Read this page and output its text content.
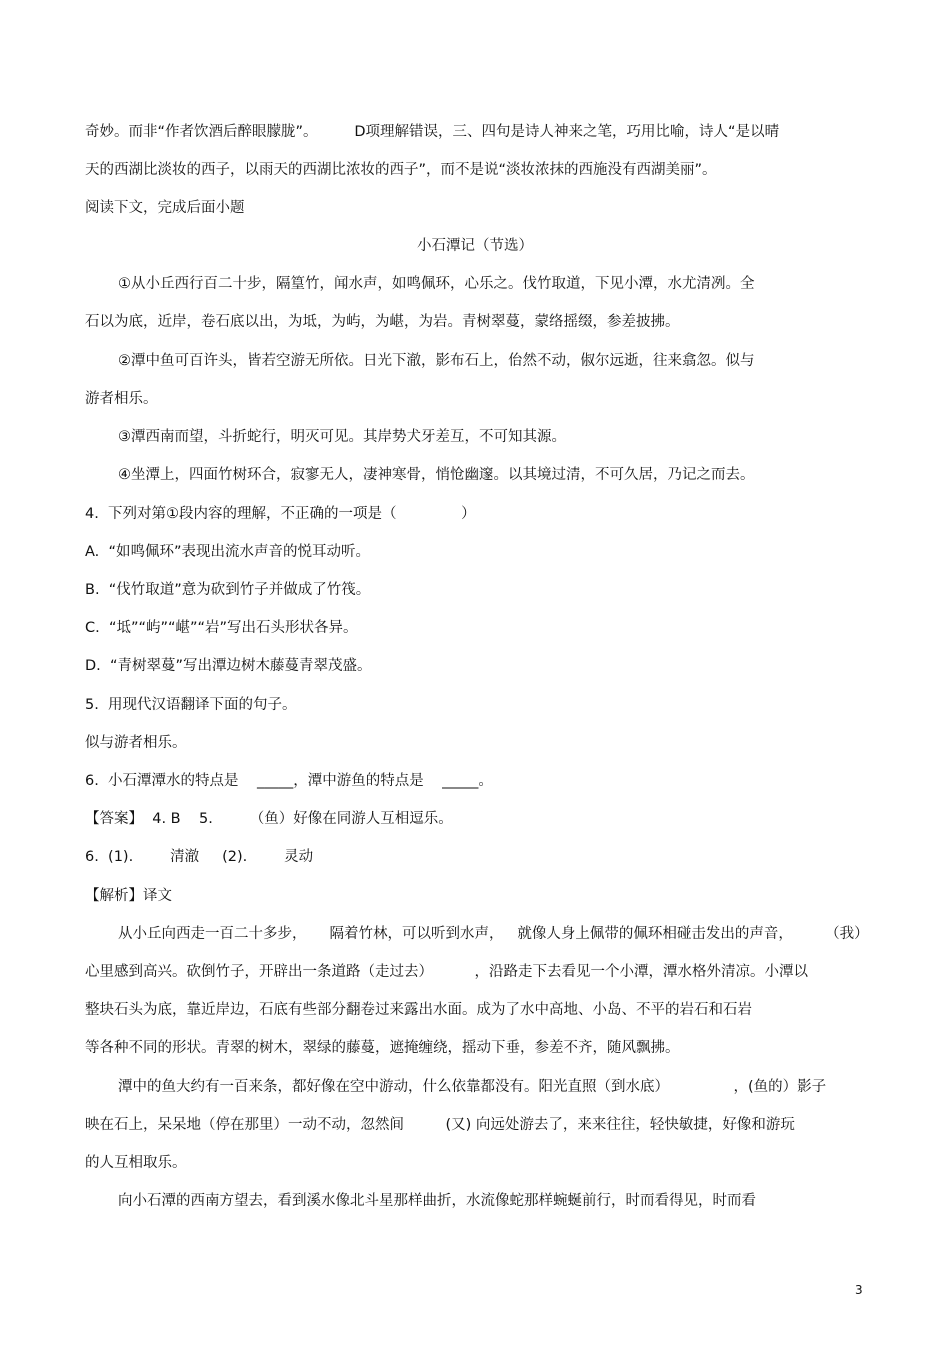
奇妙。而非“作者饮酒后醉眼朦胧”。        D项理解错误，三、四句是诗人神来之笔，巧用比喻，诗人“是以晴
天的西湖比淡妆的西子，以雨天的西湖比浓妆的西子”，而不是说“淡妆浓抹的西施没有西湖美丽”。
阅读下文，完成后面小题
小石潭记（节选）
①从小丘西行百二十步，隔篁竹，闻水声，如鸣佩环，心乐之。伐竹取道，下见小潭，水尤清冽。全
石以为底，近岸，卷石底以出，为坻，为屿，为嵁，为岩。青树翠蔓，蒙络摇缀，参差披拂。
②潭中鱼可百许头，皆若空游无所依。日光下澈，影布石上，佁然不动，俶尔远逝，往来翕忽。似与
游者相乐。
③潭西南而望，斗折蛇行，明灭可见。其岸势犬牙差互，不可知其源。
④坐潭上，四面竹树环合，寂寥无人，凄神寒骨，悄怆幽邃。以其境过清，不可久居，乃记之而去。
4.  下列对第①段内容的理解，不正确的一项是（              ）
A.  “如鸣佩环”表现出流水声音的悦耳动听。
B.  “伐竹取道”意为砍到竹子并做成了竹筏。
C.  “坻”“屿”“嵁”“岩”写出石头形状各异。
D.  “青树翠蔓”写出潭边树木藤蔓青翠茂盛。
5.  用现代汉语翻译下面的句子。
似与游者相乐。
6.  小石潭潭水的特点是    _____，潭中游鱼的特点是    _____。
【答案】  4. B    5.        （鱼）好像在同游人互相逗乐。
6.  (1).        清澈     (2).        灵动
【解析】译文
从小丘向西走一百二十多步，     隔着竹林，可以听到水声，   就像人身上佩带的佩环相碰击发出的声音，       （我）
心里感到高兴。砍倒竹子，开辟出一条道路（走过去）         ，沿路走下去看见一个小潭，潭水格外清凉。小潭以
整块石头为底，靠近岸边，石底有些部分翻卷过来露出水面。成为了水中高地、小岛、不平的岩石和石岩
等各种不同的形状。青翠的树木，翠绿的藤蔓，遮掩缠绕，摇动下垂，参差不齐，随风飘拂。
潭中的鱼大约有一百来条，都好像在空中游动，什么依靠都没有。阳光直照（到水底）              ，(鱼的）影子
映在石上，呆呆地（停在那里）一动不动，忽然间         (又) 向远处游去了，来来往往，轻快敏捷，好像和游玩
的人互相取乐。
向小石潭的西南方望去，看到溪水像北斗星那样曲折，水流像蛇那样蜿蜒前行，时而看得见，时而看
3
